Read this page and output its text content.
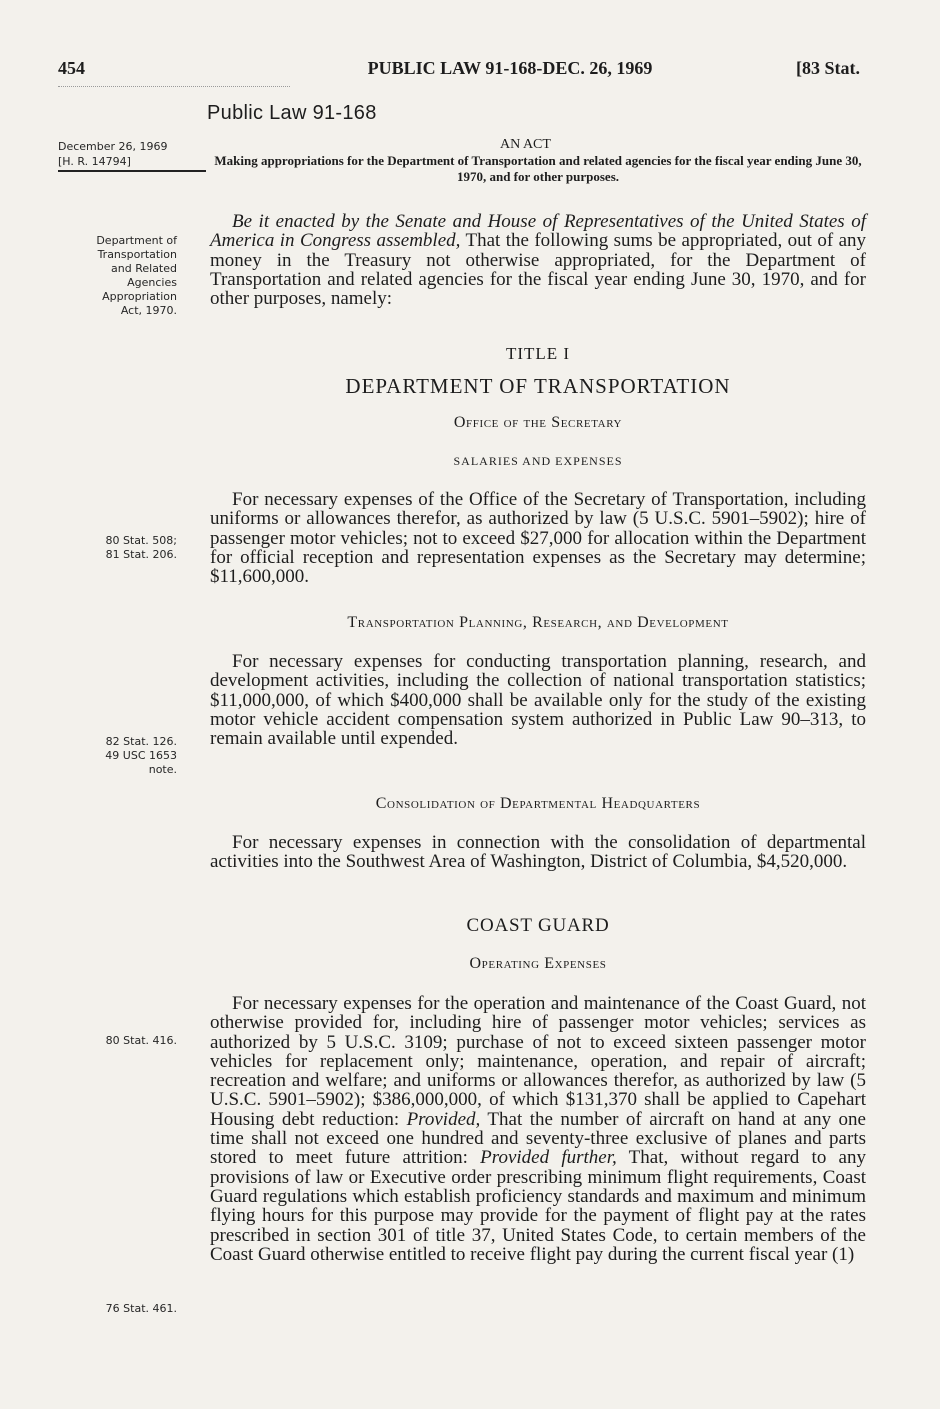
454	PUBLIC LAW 91-168-DEC. 26, 1969	[83 Stat.
Public Law 91-168
December 26, 1969
[H. R. 14794]
AN ACT
Making appropriations for the Department of Transportation and related agencies for the fiscal year ending June 30, 1970, and for other purposes.
Department of
Transportation
and Related
Agencies
Appropriation
Act, 1970.
Be it enacted by the Senate and House of Representatives of the United States of America in Congress assembled, That the following sums be appropriated, out of any money in the Treasury not otherwise appropriated, for the Department of Transportation and related agencies for the fiscal year ending June 30, 1970, and for other purposes, namely:
TITLE I
DEPARTMENT OF TRANSPORTATION
Office of the Secretary
SALARIES AND EXPENSES
80 Stat. 508;
81 Stat. 206.
For necessary expenses of the Office of the Secretary of Transportation, including uniforms or allowances therefor, as authorized by law (5 U.S.C. 5901–5902); hire of passenger motor vehicles; not to exceed $27,000 for allocation within the Department for official reception and representation expenses as the Secretary may determine; $11,600,000.
Transportation Planning, Research, and Development
82 Stat. 126.
49 USC 1653
note.
For necessary expenses for conducting transportation planning, research, and development activities, including the collection of national transportation statistics; $11,000,000, of which $400,000 shall be available only for the study of the existing motor vehicle accident compensation system authorized in Public Law 90–313, to remain available until expended.
Consolidation of Departmental Headquarters
For necessary expenses in connection with the consolidation of departmental activities into the Southwest Area of Washington, District of Columbia, $4,520,000.
COAST GUARD
Operating Expenses
80 Stat. 416.
76 Stat. 461.
For necessary expenses for the operation and maintenance of the Coast Guard, not otherwise provided for, including hire of passenger motor vehicles; services as authorized by 5 U.S.C. 3109; purchase of not to exceed sixteen passenger motor vehicles for replacement only; maintenance, operation, and repair of aircraft; recreation and welfare; and uniforms or allowances therefor, as authorized by law (5 U.S.C. 5901–5902); $386,000,000, of which $131,370 shall be applied to Capehart Housing debt reduction: Provided, That the number of aircraft on hand at any one time shall not exceed one hundred and seventy-three exclusive of planes and parts stored to meet future attrition: Provided further, That, without regard to any provisions of law or Executive order prescribing minimum flight requirements, Coast Guard regulations which establish proficiency standards and maximum and minimum flying hours for this purpose may provide for the payment of flight pay at the rates prescribed in section 301 of title 37, United States Code, to certain members of the Coast Guard otherwise entitled to receive flight pay during the current fiscal year (1)
